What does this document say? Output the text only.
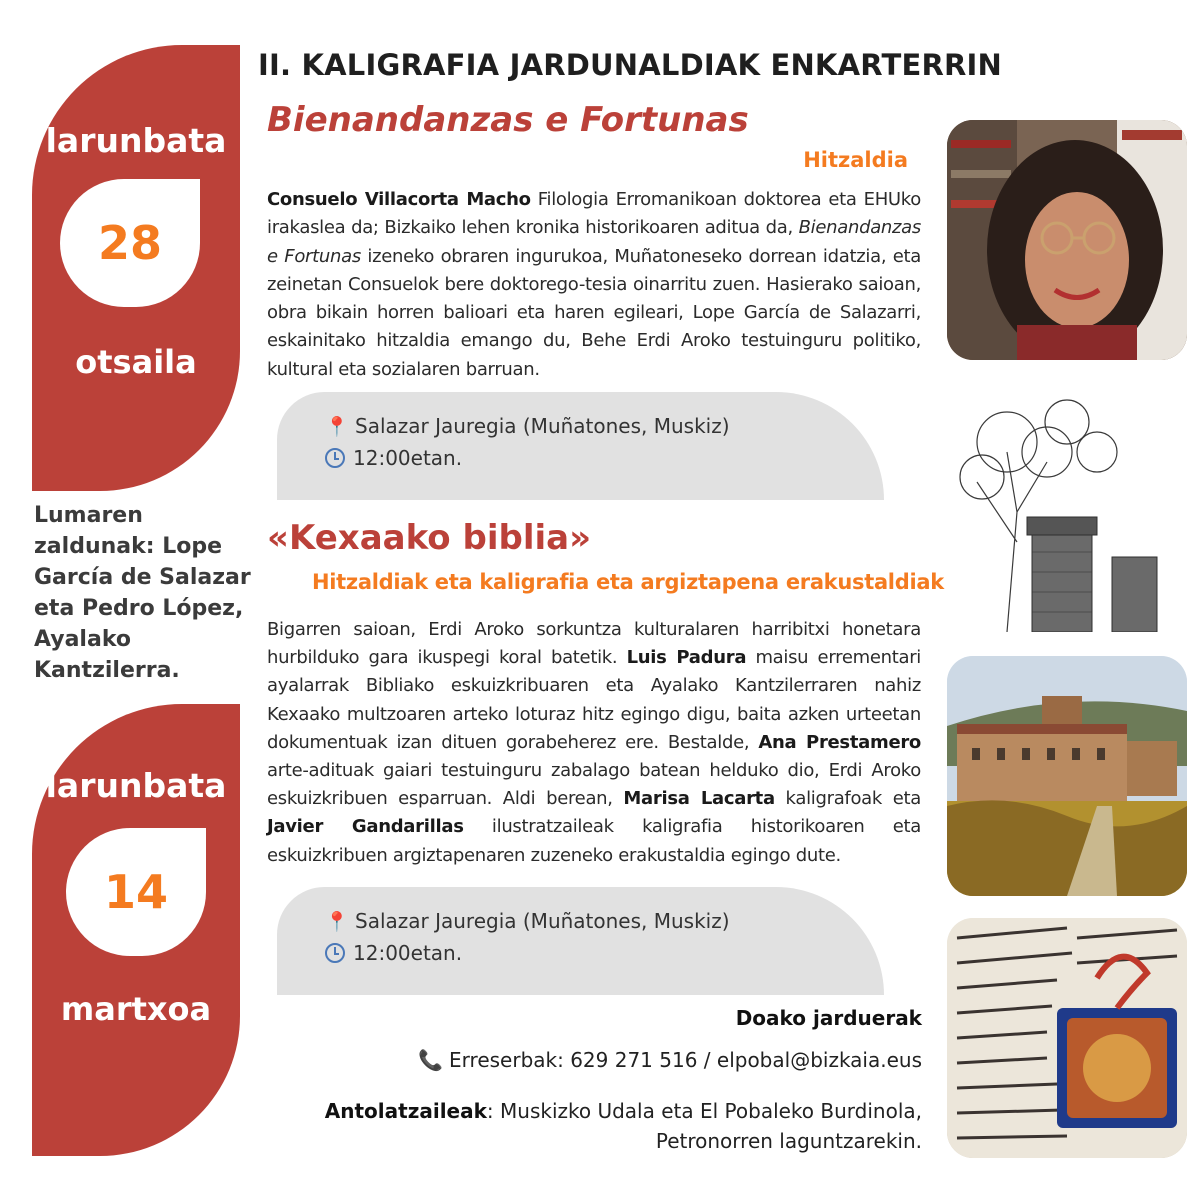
larunbata
28
otsaila
Lumaren zaldunak: Lope García de Salazar eta Pedro López, Ayalako Kantzilerra.
larunbata
14
martxoa
II. KALIGRAFIA JARDUNALDIAK ENKARTERRIN
Bienandanzas e Fortunas
Hitzaldia
Consuelo Villacorta Macho Filologia Erromanikoan doktorea eta EHUko irakaslea da; Bizkaiko lehen kronika historikoaren aditua da, Bienandanzas e Fortunas izeneko obraren ingurukoa, Muñatoneseko dorrean idatzia, eta zeinetan Consuelok bere doktorego-tesia oinarritu zuen. Hasierako saioan, obra bikain horren balioari eta haren egileari, Lope García de Salazarri, eskainitako hitzaldia emango du, Behe Erdi Aroko testuinguru politiko, kultural eta sozialaren barruan.
📍 Salazar Jauregia (Muñatones, Muskiz)
12:00etan.
«Kexaako biblia»
Hitzaldiak eta kaligrafia eta argiztapena erakustaldiak
Bigarren saioan, Erdi Aroko sorkuntza kulturalaren harribitxi honetara hurbilduko gara ikuspegi koral batetik. Luis Padura maisu errementari ayalarrak Bibliako eskuizkribuaren eta Ayalako Kantzilerraren nahiz Kexaako multzoaren arteko loturaz hitz egingo digu, baita azken urteetan dokumentuak izan dituen gorabeherez ere. Bestalde, Ana Prestamero arte-adituak gaiari testuinguru zabalago batean helduko dio, Erdi Aroko eskuizkribuen esparruan. Aldi berean, Marisa Lacarta kaligrafoak eta Javier Gandarillas ilustratzaileak kaligrafia historikoaren eta eskuizkribuen argiztapenaren zuzeneko erakustaldia egingo dute.
📍 Salazar Jauregia (Muñatones, Muskiz)
12:00etan.
Doako jarduerak
📞 Erreserbak: 629 271 516 / elpobal@bizkaia.eus
Antolatzaileak: Muskizko Udala eta El Pobaleko Burdinola,
Petronorren laguntzarekin.
